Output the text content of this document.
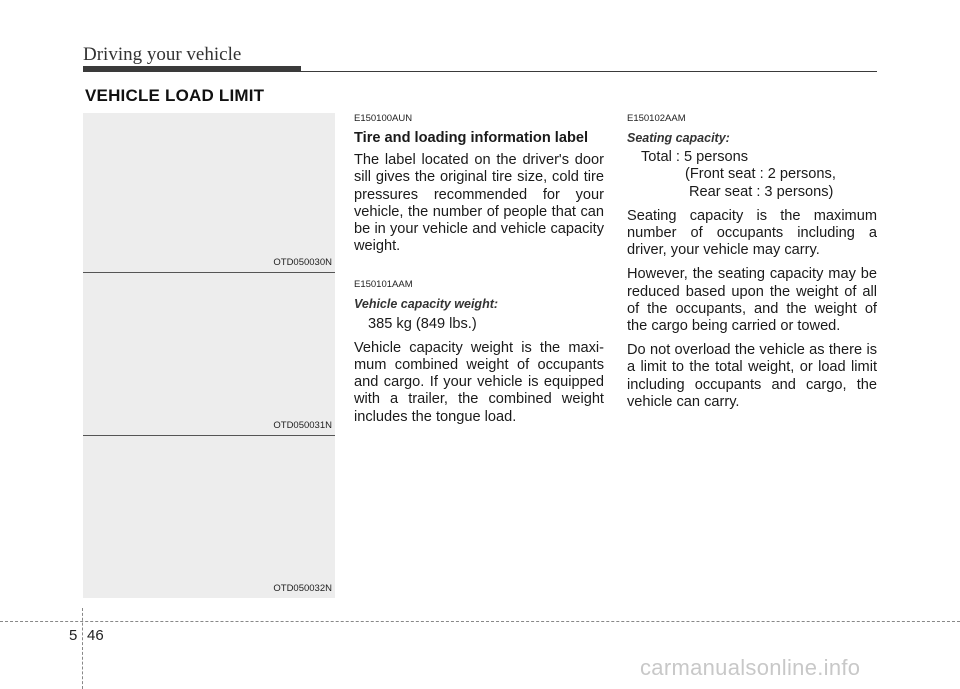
Driving your vehicle
VEHICLE LOAD LIMIT
OTD050030N
OTD050031N
OTD050032N
E150100AUN
Tire and loading information label

The label located on the driver's door sill gives the original tire size, cold tire pressures recommended for your vehicle, the number of people that can be in your vehicle and vehicle capacity weight.

E150101AAM
Vehicle capacity weight:

385 kg (849 lbs.)

Vehicle capacity weight is the maxi-mum combined weight of occupants and cargo. If your vehicle is equipped with a trailer, the combined weight includes the tongue load.

E150102AAM
Seating capacity:

Total : 5 persons

(Front seat : 2 persons,

Rear seat : 3 persons)

Seating capacity is the maximum number of occupants including a driver, your vehicle may carry.

However, the seating capacity may be reduced based upon the weight of all of the occupants, and the weight of the cargo being carried or towed.

Do not overload the vehicle as there is a limit to the total weight, or load limit including occupants and cargo, the vehicle can carry.

5 46
carmanualsonline.info
